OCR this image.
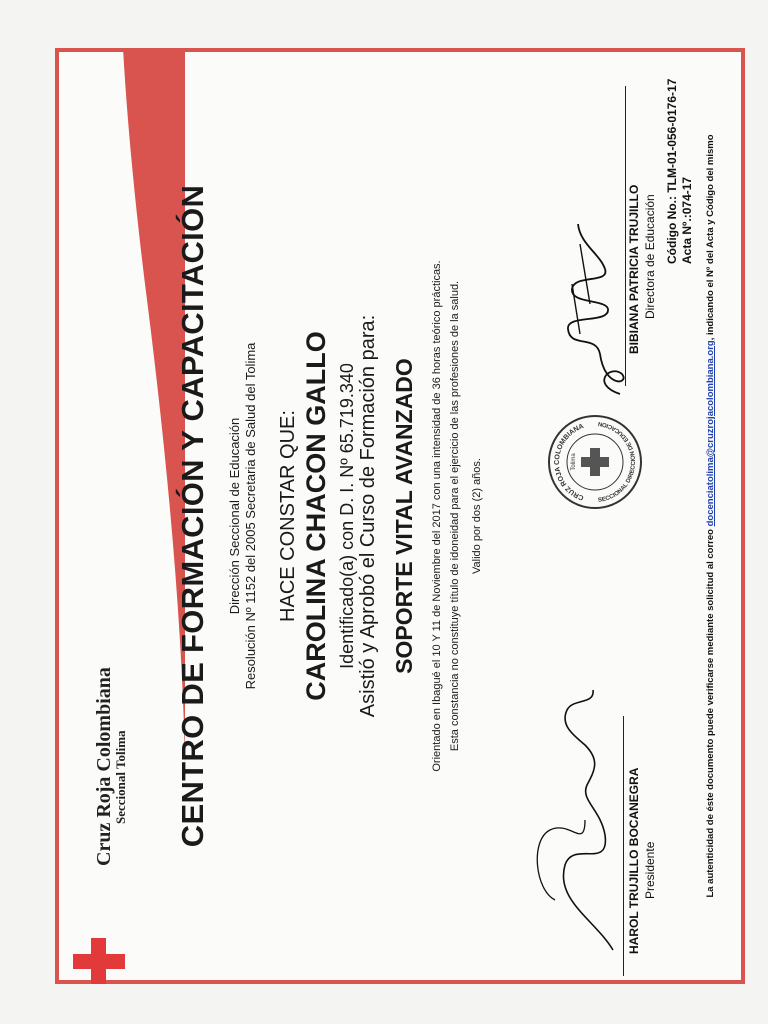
Cruz Roja Colombiana
Seccional Tolima CENTRO DE FORMACIÓN Y CAPACITACIÓN Dirección Seccional de Educación Resolución Nº 1152 del 2005 Secretaria de Salud del Tolima HACE CONSTAR QUE: CAROLINA CHACON GALLO Identificado(a) con D. I. Nº 65.719.340 Asistió y Aprobó el Curso de Formación para: SOPORTE VITAL AVANZADO Orientado en Ibagué el 10 Y 11 de Noviembre del 2017 con una intensidad de 36 horas teórico prácticas. Esta constancia no constituye título de idoneidad para el ejercicio de las profesiones de la salud. Valido por dos (2) años.
HAROL TRUJILLO BOCANEGRA Presidente
CRUZ ROJA COLOMBIANA
SECCIONAL DIRECCION DE EDUCACION
Tolima
BIBIANA PATRICIA TRUJILLO Directora de Educación Código No.: TLM-01-056-0176-17 Acta Nº.:074-17
La autenticidad de éste documento puede verificarse mediante solicitud al correo docenciatolima@cruzrojacolombiana.org, indicando el Nº del Acta y Código del mismo
